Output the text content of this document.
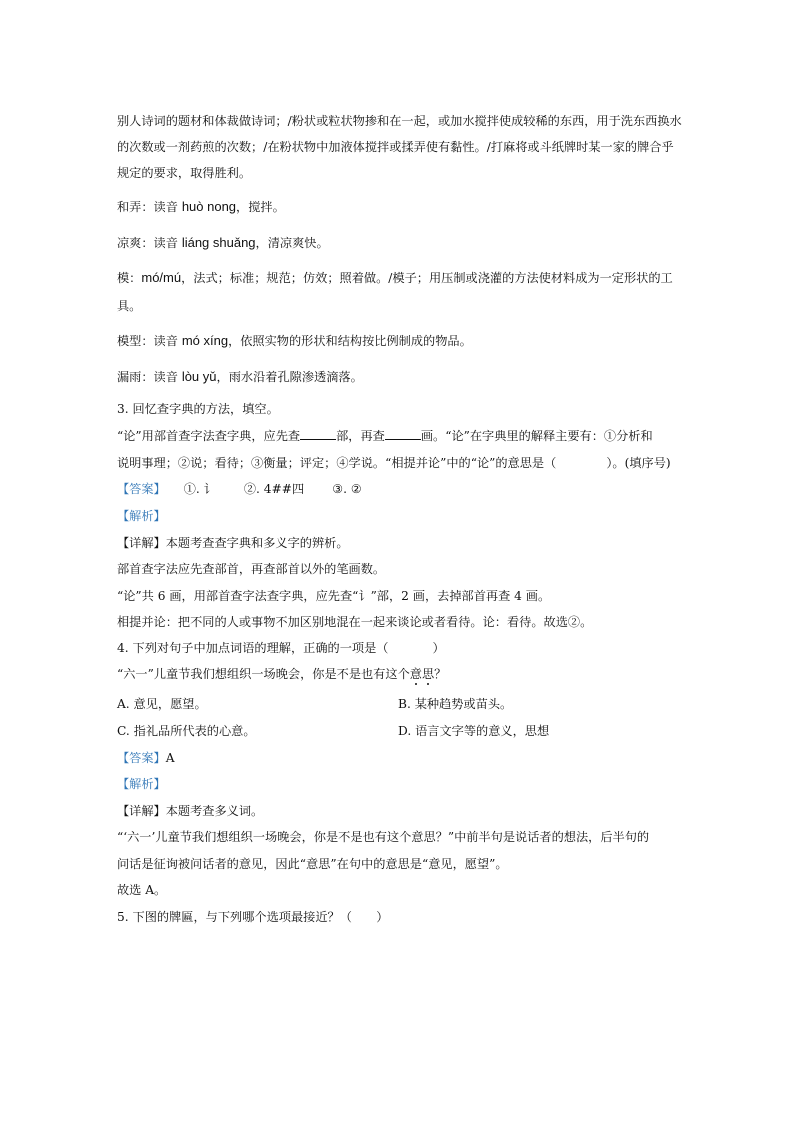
别人诗词的题材和体裁做诗词；/粉状或粒状物掺和在一起，或加水搅拌使成较稀的东西，用于洗东西换水
的次数或一剂药煎的次数；/在粉状物中加液体搅拌或揉弄使有黏性。/打麻将或斗纸牌时某一家的牌合乎
规定的要求，取得胜利。
和弄：读音 huò nong，搅拌。
凉爽：读音 liáng shuǎng，清凉爽快。
模：mó/mú，法式；标准；规范；仿效；照着做。/模子；用压制或浇灌的方法使材料成为一定形状的工
具。
模型：读音 mó xíng，依照实物的形状和结构按比例制成的物品。
漏雨：读音 lòu yǔ，雨水沿着孔隙渗透滴落。
3. 回忆查字典的方法，填空。
“论”用部首查字法查字典，应先查	部，再查	画。“论”在字典里的解释主要有：①分析和
说明事理；②说；看待；③衡量；评定；④学说。“相提并论”中的“论”的意思是（	）。(填序号)
【答案】 ①. 讠 ②. 4##四 ③. ②
【解析】
【详解】本题考查查字典和多义字的辨析。
部首查字法应先查部首，再查部首以外的笔画数。
“论”共 6 画，用部首查字法查字典，应先查“讠”部，2 画，去掉部首再查 4 画。
相提并论：把不同的人或事物不加区别地混在一起来谈论或者看待。论：看待。故选②。
4. 下列对句子中加点词语的理解，正确的一项是（	）
“六一”儿童节我们想组织一场晚会，你是不是也有这个意思？
A. 意见，愿望。	B. 某种趋势或苗头。
C. 指礼品所代表的心意。	D. 语言文字等的意义，思想
【答案】A
【解析】
【详解】本题考查多义词。
“‘六一’儿童节我们想组织一场晚会，你是不是也有这个意思？”中前半句是说话者的想法，后半句的
问话是征询被问话者的意见，因此“意思”在句中的意思是“意见，愿望”。
故选 A。
5. 下图的牌匾，与下列哪个选项最接近？（　　）
